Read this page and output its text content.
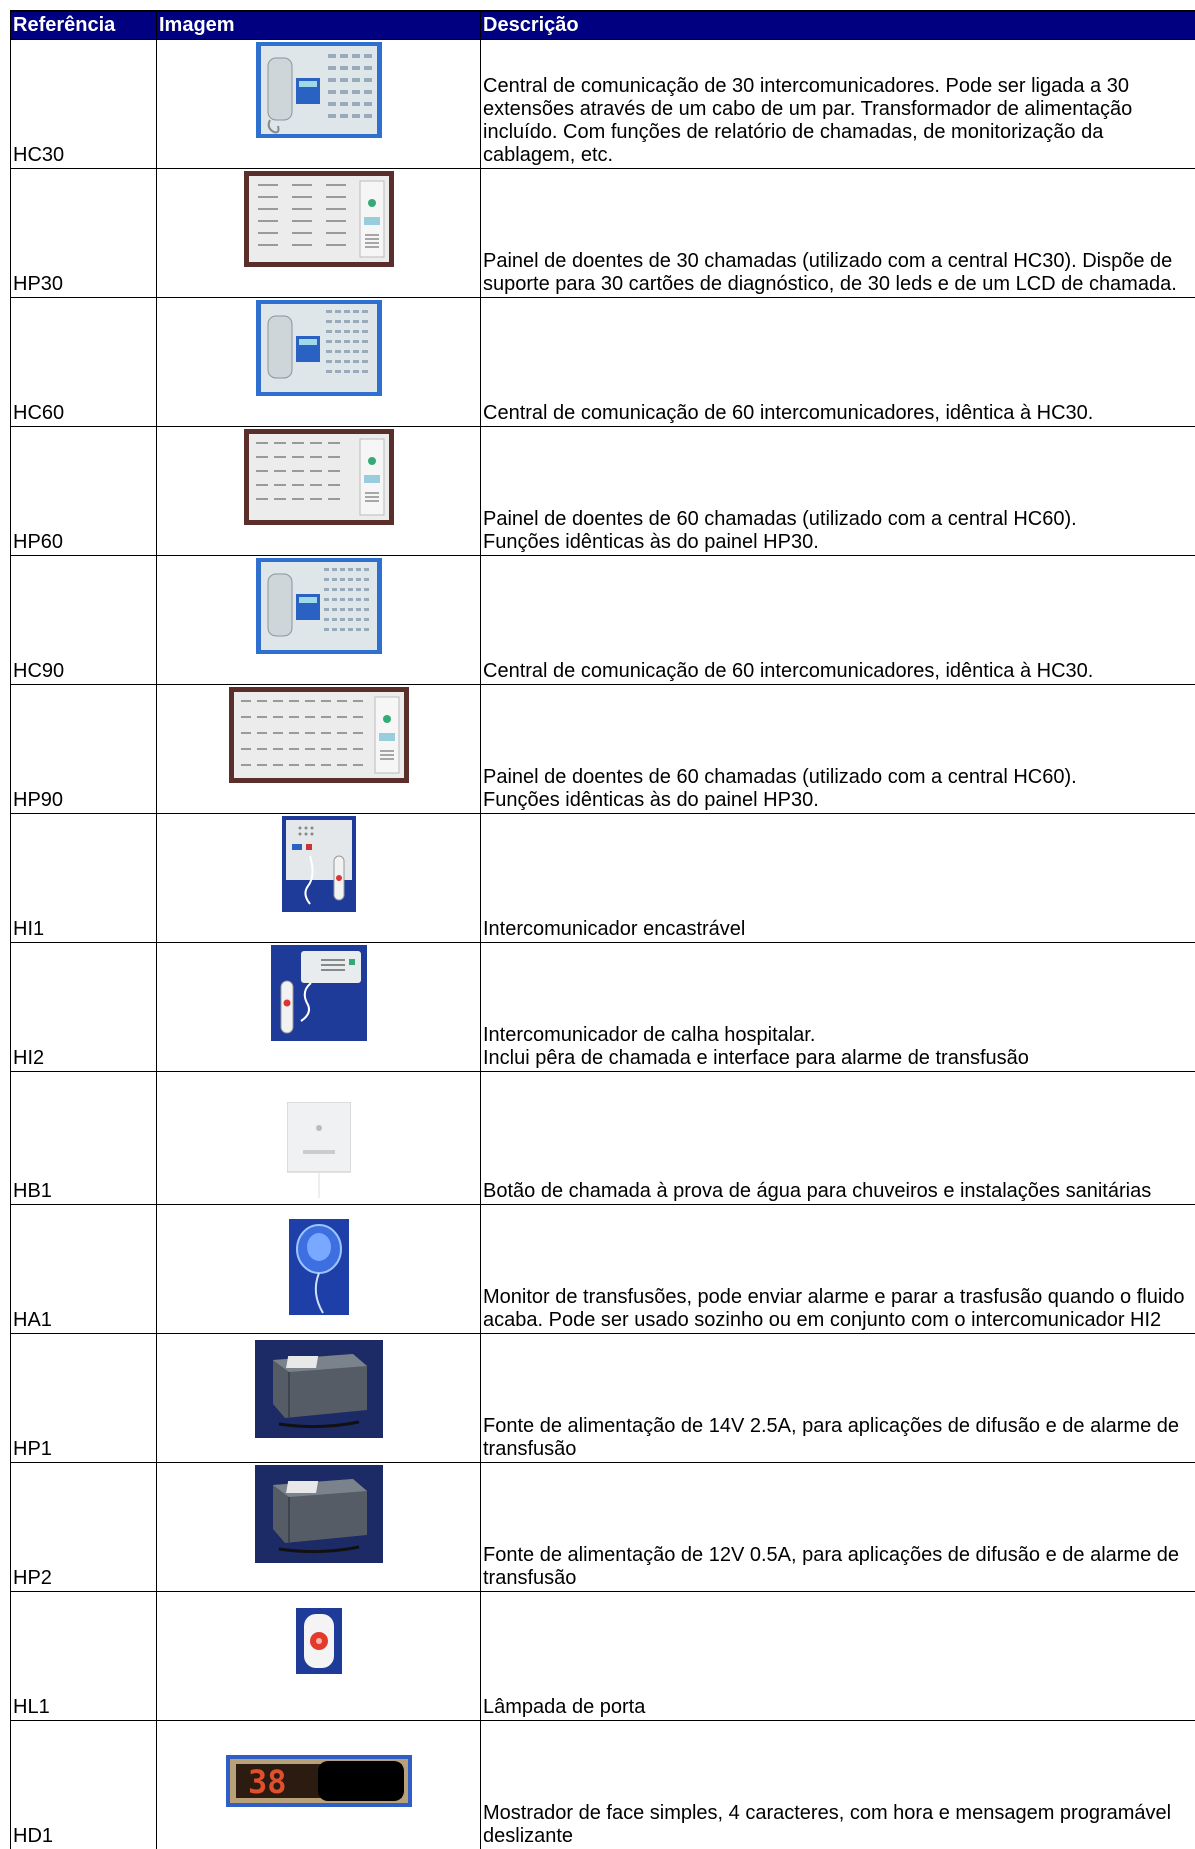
Referência	Imagem	Descrição
HC30		Central de comunicação de 30 intercomunicadores. Pode ser ligada a 30 extensões através de um cabo de um par. Transformador de alimentação incluído. Com funções de relatório de chamadas, de monitorização da cablagem, etc.
HP30		Painel de doentes de 30 chamadas (utilizado com a central HC30). Dispõe de suporte para 30 cartões de diagnóstico, de 30 leds e de um LCD de chamada.
HC60		Central de comunicação de 60 intercomunicadores, idêntica à HC30.
HP60		Painel de doentes de 60 chamadas (utilizado com a central HC60).
Funções idênticas às do painel HP30.
HC90		Central de comunicação de 60 intercomunicadores, idêntica à HC30.
HP90		Painel de doentes de 60 chamadas (utilizado com a central HC60).
Funções idênticas às do painel HP30.
HI1		Intercomunicador encastrável
HI2		Intercomunicador de calha hospitalar.
Inclui pêra de chamada e interface para alarme de transfusão
HB1		Botão de chamada à prova de água para chuveiros e instalações sanitárias
HA1		Monitor de transfusões, pode enviar alarme e parar a trasfusão quando o fluido acaba. Pode ser usado sozinho ou em conjunto com o intercomunicador HI2
HP1		Fonte de alimentação de 14V 2.5A, para aplicações de difusão e de alarme de transfusão
HP2		Fonte de alimentação de 12V 0.5A, para aplicações de difusão e de alarme de transfusão
HL1		Lâmpada de porta
HD1	38	Mostrador de face simples, 4 caracteres, com hora e mensagem programável deslizante
